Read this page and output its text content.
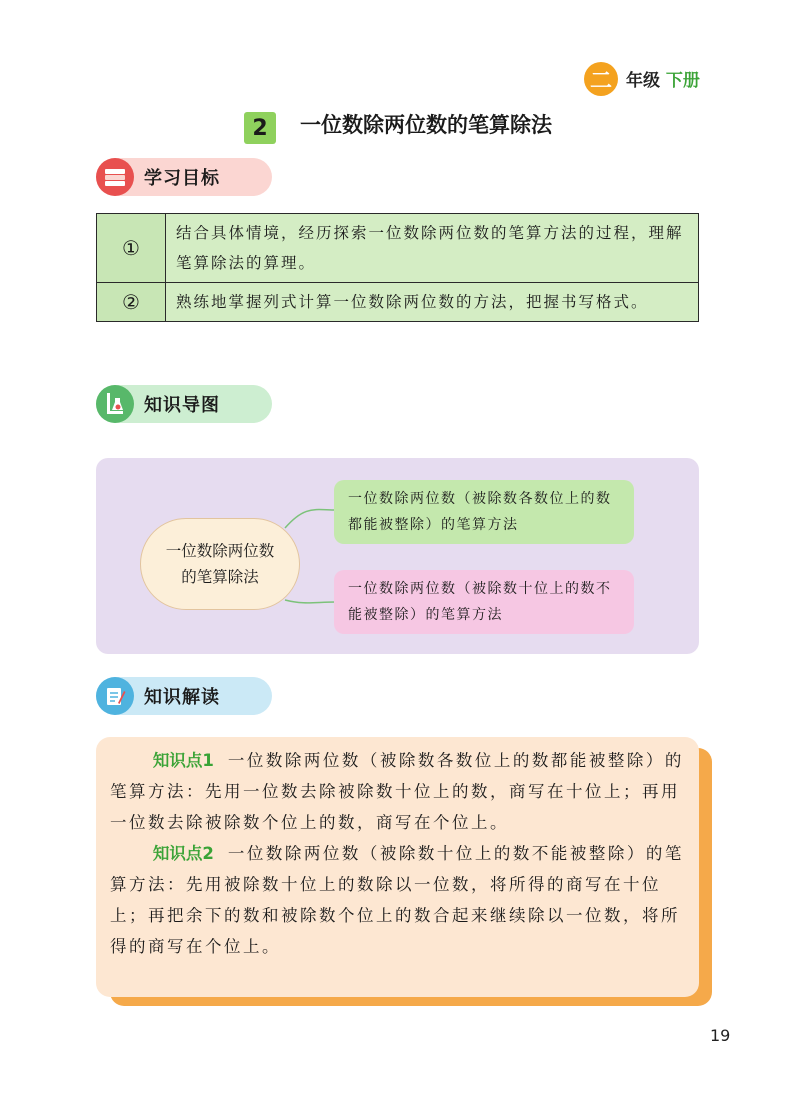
二 年级 下册
2	一位数除两位数的笔算除法
学习目标
①	结合具体情境，经历探索一位数除两位数的笔算方法的过程，理解笔算除法的算理。
②	熟练地掌握列式计算一位数除两位数的方法，把握书写格式。
知识导图
一位数除两位数的笔算除法
一位数除两位数（被除数各数位上的数都能被整除）的笔算方法
一位数除两位数（被除数十位上的数不能被整除）的笔算方法
知识解读

知识点1 一位数除两位数（被除数各数位上的数都能被整除）的笔算方法：先用一位数去除被除数十位上的数，商写在十位上；再用一位数去除被除数个位上的数，商写在个位上。

知识点2 一位数除两位数（被除数十位上的数不能被整除）的笔算方法：先用被除数十位上的数除以一位数，将所得的商写在十位上；再把余下的数和被除数个位上的数合起来继续除以一位数，将所得的商写在个位上。

19
